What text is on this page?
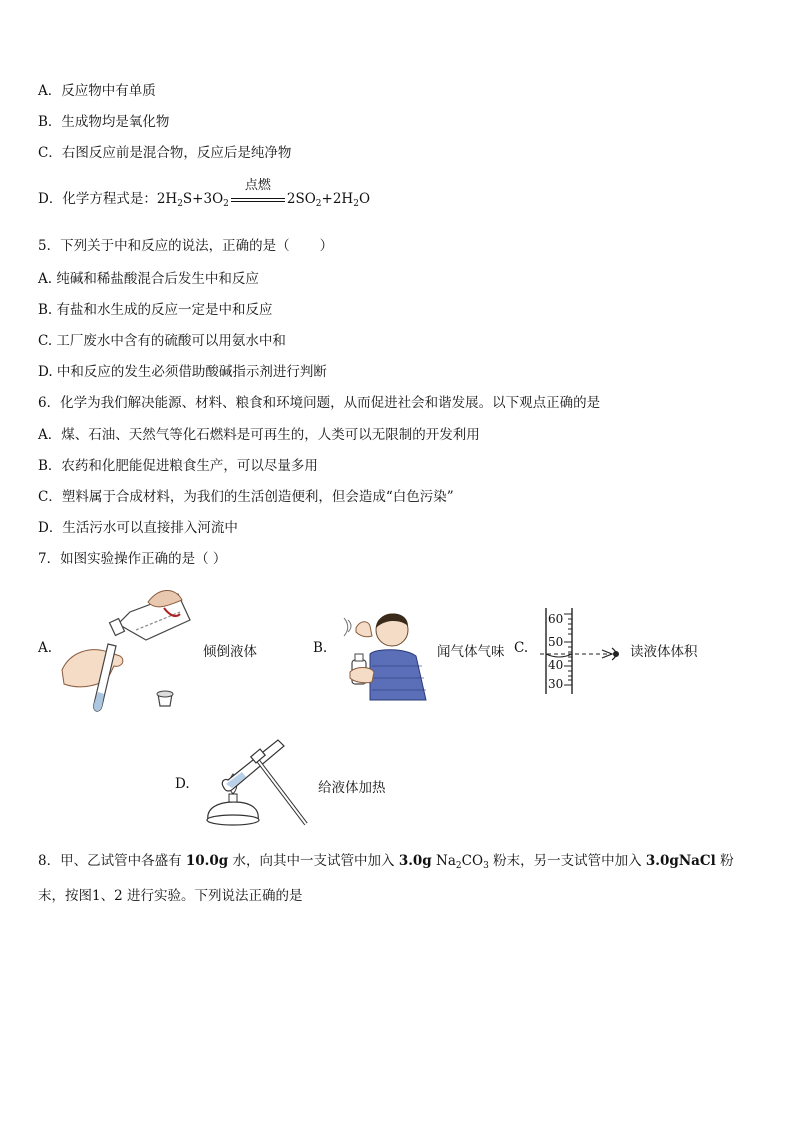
A．反应物中有单质
B．生成物均是氧化物
C．右图反应前是混合物，反应后是纯净物
D．化学方程式是：$2H_2S+3O_2$
点燃
$2SO_2+2H_2O$
5．下列关于中和反应的说法，正确的是（ ）
A. 纯碱和稀盐酸混合后发生中和反应
B. 有盐和水生成的反应一定是中和反应
C. 工厂废水中含有的硫酸可以用氨水中和
D. 中和反应的发生必须借助酸碱指示剂进行判断
6．化学为我们解决能源、材料、粮食和环境问题，从而促进社会和谐发展。以下观点正确的是
A．煤、石油、天然气等化石燃料是可再生的，人类可以无限制的开发利用
B．农药和化肥能促进粮食生产，可以尽量多用
C．塑料属于合成材料，为我们的生活创造便利，但会造成“白色污染”
D．生活污水可以直接排入河流中
7．如图实验操作正确的是（ ）
A.	倾倒液体	B.	闻气体气味 C.
60
50
40
30
读液体体积
D.	给液体加热
8．甲、乙试管中各盛有 10.0g 水，向其中一支试管中加入 3.0g $Na_2CO_3$ 粉末，另一支试管中加入 3.0gNaCl 粉末，按图1、2 进行实验。下列说法正确的是
